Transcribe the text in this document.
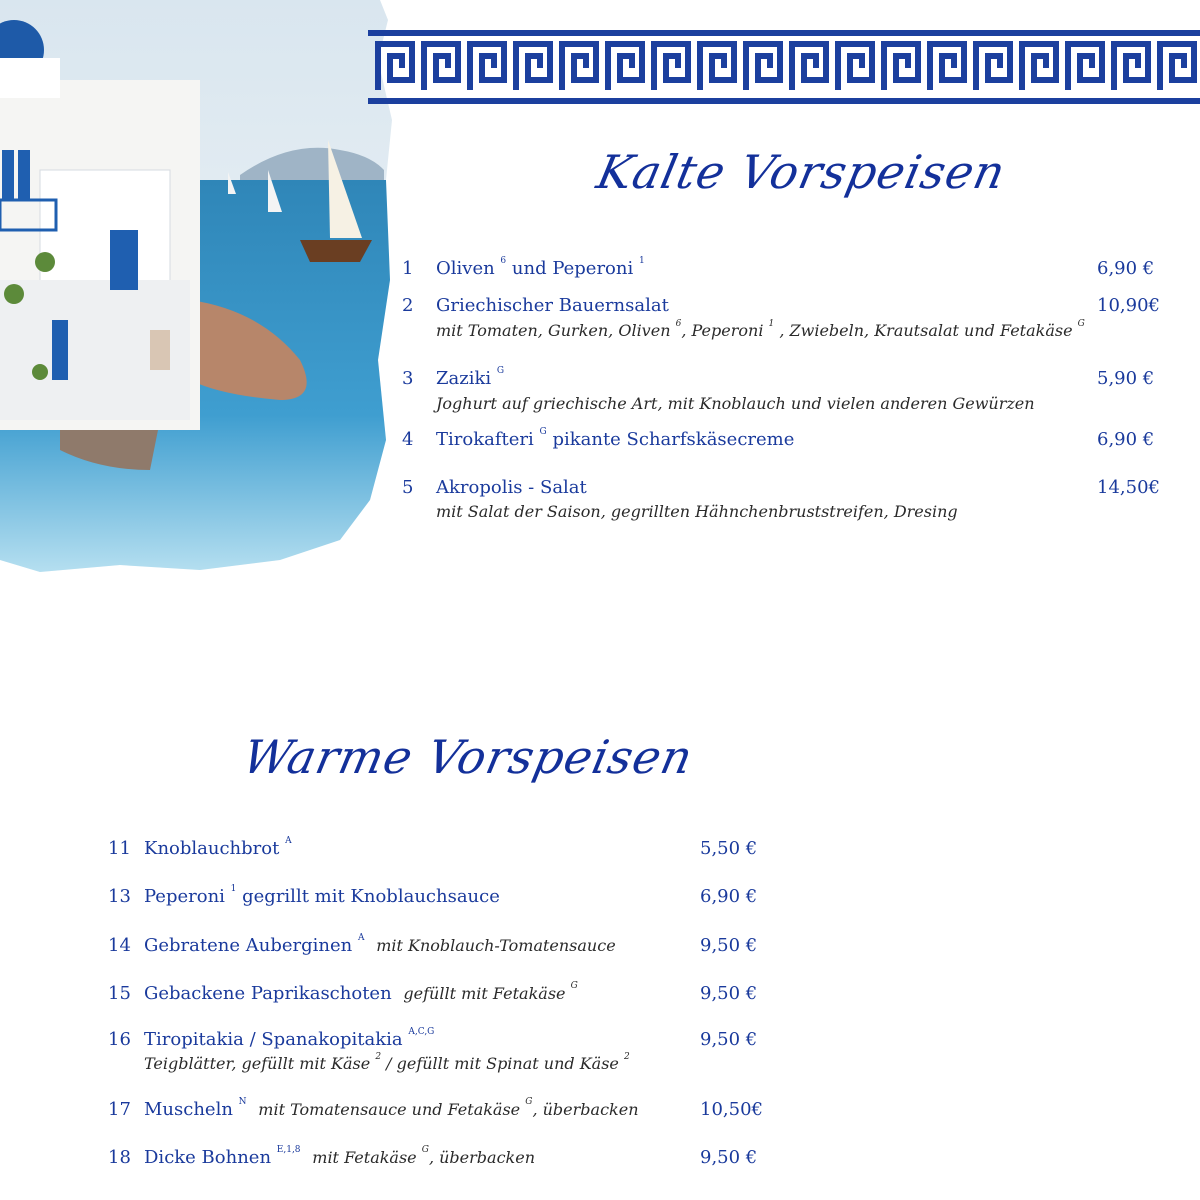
Kalte Vorspeisen
1 Oliven $^6$ und Peperoni $^1$	6,90 €
2 Griechischer Bauernsalat	10,90€
mit Tomaten, Gurken, Oliven $^6$, Peperoni $^1$ , Zwiebeln, Krautsalat und Fetakäse $^G$
3 Zaziki $^G$	5,90 €
Joghurt auf griechische Art, mit Knoblauch und vielen anderen Gewürzen
4 Tirokafteri $^G$ pikante Scharfskäsecreme	6,90 €
5 Akropolis - Salat	14,50€
mit Salat der Saison, gegrillten Hähnchenbruststreifen, Dresing
Warme Vorspeisen
11 Knoblauchbrot $^A$	5,50 €
13 Peperoni $^1$ gegrillt mit Knoblauchsauce	6,90 €
14 Gebratene Auberginen $^A$ mit Knoblauch-Tomatensauce	9,50 €
15 Gebackene Paprikaschoten gefüllt mit Fetakäse $^G$	9,50 €
16 Tiropitakia / Spanakopitakia $^{A,C,G}$	9,50 €
Teigblätter, gefüllt mit Käse $^2$ / gefüllt mit Spinat und Käse $^2$
17 Muscheln $^N$ mit Tomatensauce und Fetakäse $^G$, überbacken	10,50€
18 Dicke Bohnen $^{E,1,8}$ mit Fetakäse $^G$, überbacken	9,50 €
